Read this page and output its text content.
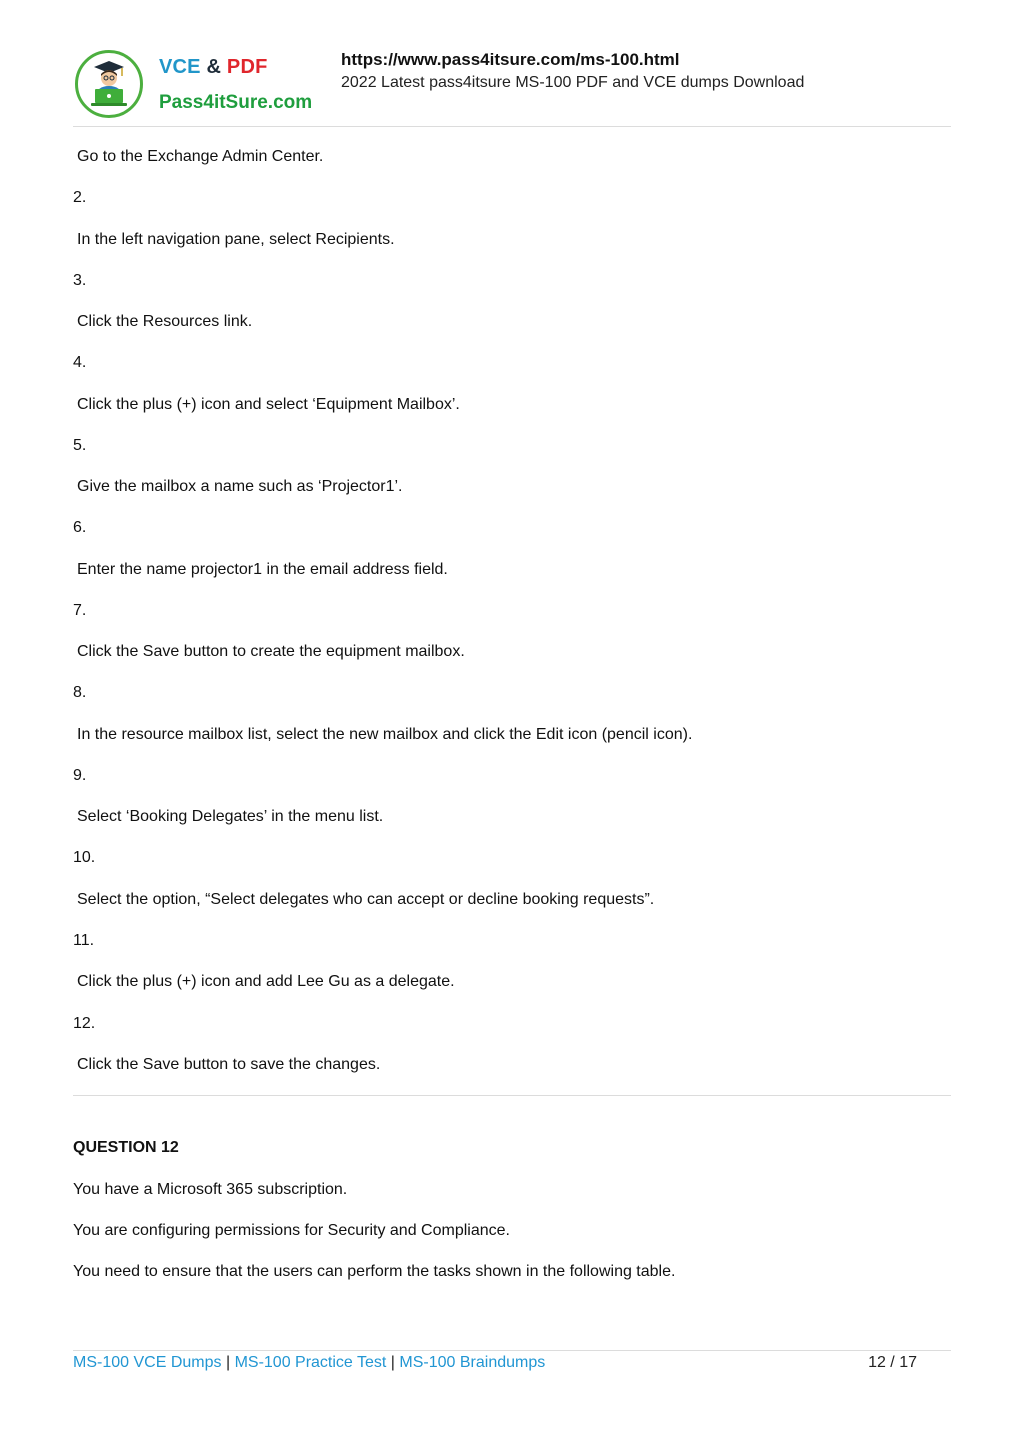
VCE & PDF
Pass4itSure.com
https://www.pass4itsure.com/ms-100.html
2022 Latest pass4itsure MS-100 PDF and VCE dumps Download
Go to the Exchange Admin Center.
2.
In the left navigation pane, select Recipients.
3.
Click the Resources link.
4.
Click the plus (+) icon and select ‘Equipment Mailbox’.
5.
Give the mailbox a name such as ‘Projector1’.
6.
Enter the name projector1 in the email address field.
7.
Click the Save button to create the equipment mailbox.
8.
In the resource mailbox list, select the new mailbox and click the Edit icon (pencil icon).
9.
Select ‘Booking Delegates’ in the menu list.
10.
Select the option, “Select delegates who can accept or decline booking requests”.
11.
Click the plus (+) icon and add Lee Gu as a delegate.
12.
Click the Save button to save the changes.
QUESTION 12
You have a Microsoft 365 subscription.
You are configuring permissions for Security and Compliance.
You need to ensure that the users can perform the tasks shown in the following table.
MS-100 VCE Dumps | MS-100 Practice Test | MS-100 Braindumps	12 / 17
